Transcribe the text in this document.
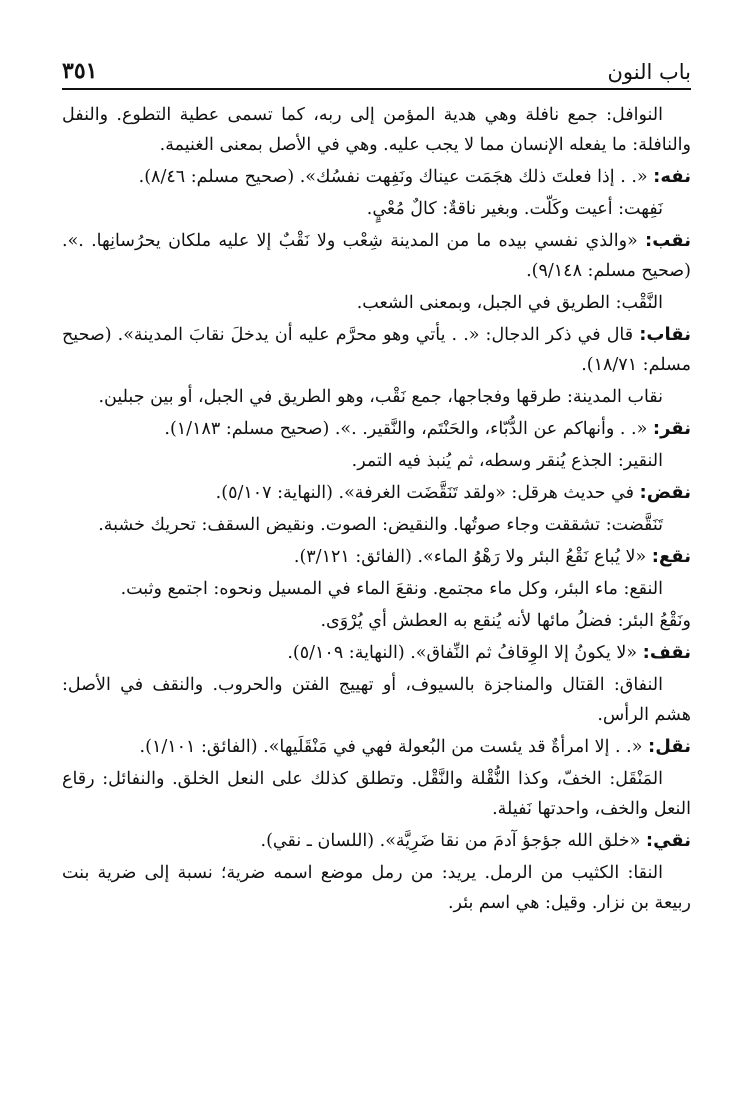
٣٥١	باب النون

النوافل: جمع نافلة وهي هدية المؤمن إلى ربه، كما تسمى عطية التطوع. والنفل والنافلة: ما يفعله الإنسان مما لا يجب عليه. وهي في الأصل بمعنى الغنيمة.

نفه: «. . إذا فعلتَ ذلك هجَمَت عيناك ونَفِهت نفسُك». (صحيح مسلم: ٨/٤٦).

نَفِهت: أعيت وكَلّت. وبغير ناقةٌ: كالٌ مُعْيٍ.

نقب: «والذي نفسي بيده ما من المدينة شِعْب ولا نَقْبٌ إلا عليه ملكان يحرُسانِها. .». (صحيح مسلم: ٩/١٤٨).

النَّقْب: الطريق في الجبل، وبمعنى الشعب.

نقاب: قال في ذكر الدجال: «. . يأتي وهو محرَّم عليه أن يدخلَ نقابَ المدينة». (صحيح مسلم: ١٨/٧١).

نقاب المدينة: طرقها وفجاجها، جمع نَقْب، وهو الطريق في الجبل، أو بين جبلين.

نقر: «. . وأنهاكم عن الدُّبّاء، والحَنْتَم، والنَّقير. .». (صحيح مسلم: ١/١٨٣).

النقير: الجذع يُنقر وسطه، ثم يُنبذ فيه التمر.

نقض: في حديث هرقل: «ولقد تَنَقَّضَت الغرفة». (النهاية: ٥/١٠٧).

تَنَقَّضت: تشققت وجاء صوتُها. والنقيض: الصوت. ونقيض السقف: تحريك خشبة.

نقع: «لا يُباع نَقْعُ البئر ولا رَهْوُ الماء». (الفائق: ٣/١٢١).

النقع: ماء البئر، وكل ماء مجتمع. ونقعَ الماء في المسيل ونحوه: اجتمع وثبت.

ونَقْعُ البئر: فضلُ مائها لأنه يُنقع به العطش أي يُرْوَى.

نقف: «لا يكونُ إلا الوِقافُ ثم النِّفاق». (النهاية: ٥/١٠٩).

النفاق: القتال والمناجزة بالسيوف، أو تهييج الفتن والحروب. والنقف في الأصل: هشم الرأس.

نقل: «. . إلا امرأةٌ قد يئست من البُعولة فهي في مَنْقَلَيها». (الفائق: ١/١٠١).

المَنْقَل: الخفّ، وكذا النُّقْلة والنَّقْل. وتطلق كذلك على النعل الخلق. والنفائل: رقاع النعل والخف، واحدتها نَفيلة.

نقي: «خلق الله جؤجؤ آدمَ من نقا ضَرِيَّة». (اللسان ـ نقي).

النقا: الكثيب من الرمل. يريد: من رمل موضع اسمه ضرية؛ نسبة إلى ضرية بنت ربيعة بن نزار. وقيل: هي اسم بئر.
